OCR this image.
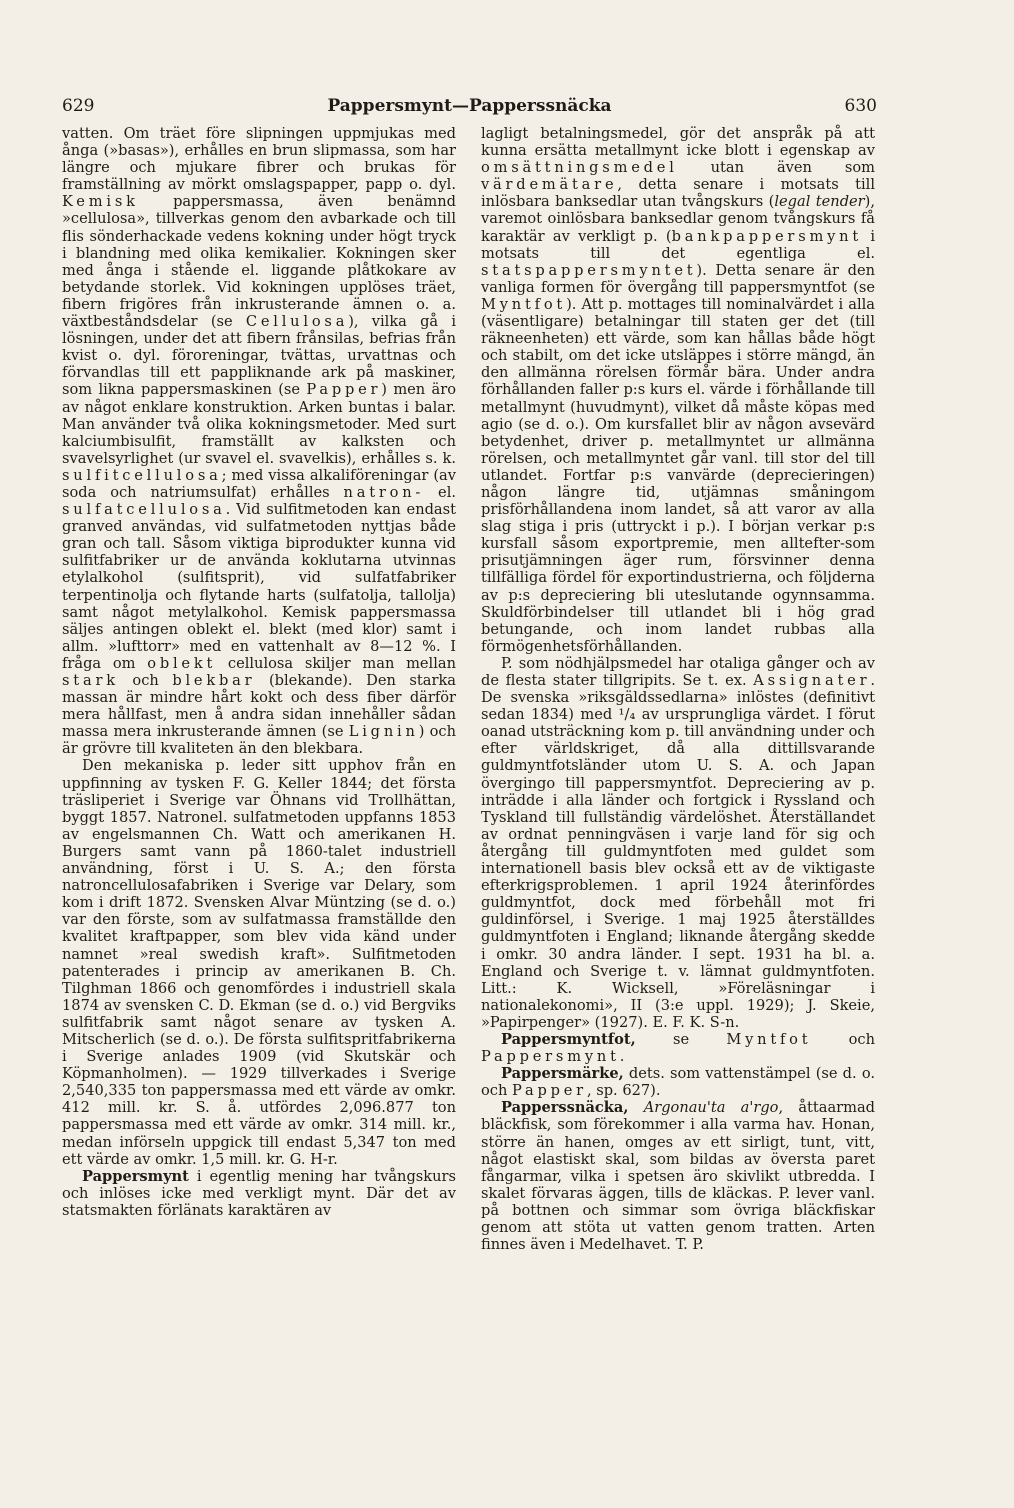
629	Pappersmynt—Papperssnäcka	630

vatten. Om träet före slipningen uppmjukas med ånga (»basas»), erhålles en brun slipmassa, som har längre och mjukare fibrer och brukas för framställning av mörkt omslagspapper, papp o. dyl. Kemisk pappersmassa, även benämnd »cellulosa», tillverkas genom den avbarkade och till flis sönderhackade vedens kokning under högt tryck i blandning med olika kemikalier. Kokningen sker med ånga i stående el. liggande plåtkokare av betydande storlek. Vid kokningen upplöses träet, fibern frigöres från inkrusterande ämnen o. a. växtbeståndsdelar (se Cellulosa), vilka gå i lösningen, under det att fibern frånsilas, befrias från kvist o. dyl. föroreningar, tvättas, urvattnas och förvandlas till ett pappliknande ark på maskiner, som likna pappersmaskinen (se Papper) men äro av något enklare konstruktion. Arken buntas i balar. Man använder två olika kokningsmetoder. Med surt kalciumbisulfit, framställt av kalksten och svavelsyrlighet (ur svavel el. svavelkis), erhålles s. k. sulfitcellulosa; med vissa alkaliföreningar (av soda och natriumsulfat) erhålles natron- el. sulfatcellulosa. Vid sulfitmetoden kan endast granved användas, vid sulfatmetoden nyttjas både gran och tall. Såsom viktiga biprodukter kunna vid sulfitfabriker ur de använda koklutarna utvinnas etylalkohol (sulfitsprit), vid sulfatfabriker terpentinolja och flytande harts (sulfatolja, tallolja) samt något metylalkohol. Kemisk pappersmassa säljes antingen oblekt el. blekt (med klor) samt i allm. »lufttorr» med en vattenhalt av 8—12 %. I fråga om oblekt cellulosa skiljer man mellan stark och blekbar (blekande). Den starka massan är mindre hårt kokt och dess fiber därför mera hållfast, men å andra sidan innehåller sådan massa mera inkrusterande ämnen (se Lignin) och är grövre till kvaliteten än den blekbara.

Den mekaniska p. leder sitt upphov från en uppfinning av tysken F. G. Keller 1844; det första träsliperiet i Sverige var Öhnans vid Trollhättan, byggt 1857. Natronel. sulfatmetoden uppfanns 1853 av engelsmannen Ch. Watt och amerikanen H. Burgers samt vann på 1860-talet industriell användning, först i U. S. A.; den första natroncellulosafabriken i Sverige var Delary, som kom i drift 1872. Svensken Alvar Müntzing (se d. o.) var den förste, som av sulfatmassa framställde den kvalitet kraftpapper, som blev vida känd under namnet »real swedish kraft». Sulfitmetoden patenterades i princip av amerikanen B. Ch. Tilghman 1866 och genomfördes i industriell skala 1874 av svensken C. D. Ekman (se d. o.) vid Bergviks sulfitfabrik samt något senare av tysken A. Mitscherlich (se d. o.). De första sulfitspritfabrikerna i Sverige anlades 1909 (vid Skutskär och Köpmanholmen). — 1929 tillverkades i Sverige 2,540,335 ton pappersmassa med ett värde av omkr. 412 mill. kr. S. å. utfördes 2,096.877 ton pappersmassa med ett värde av omkr. 314 mill. kr., medan införseln uppgick till endast 5,347 ton med ett värde av omkr. 1,5 mill. kr. G. H-r.

Pappersmynt i egentlig mening har tvångskurs och inlöses icke med verkligt mynt. Där det av statsmakten förlänats karaktären av

lagligt betalningsmedel, gör det anspråk på att kunna ersätta metallmynt icke blott i egenskap av omsättningsmedel utan även som värdemätare, detta senare i motsats till inlösbara banksedlar utan tvångskurs (legal tender), varemot oinlösbara banksedlar genom tvångskurs få karaktär av verkligt p. (bankpappersmynt i motsats till det egentliga el. statspappersmyntet). Detta senare är den vanliga formen för övergång till pappersmyntfot (se Myntfot). Att p. mottages till nominalvärdet i alla (väsentligare) betalningar till staten ger det (till räkneenheten) ett värde, som kan hållas både högt och stabilt, om det icke utsläppes i större mängd, än den allmänna rörelsen förmår bära. Under andra förhållanden faller p:s kurs el. värde i förhållande till metallmynt (huvudmynt), vilket då måste köpas med agio (se d. o.). Om kursfallet blir av någon avsevärd betydenhet, driver p. metallmyntet ur allmänna rörelsen, och metallmyntet går vanl. till stor del till utlandet. Fortfar p:s vanvärde (deprecieringen) någon längre tid, utjämnas småningom prisförhållandena inom landet, så att varor av alla slag stiga i pris (uttryckt i p.). I början verkar p:s kursfall såsom exportpremie, men alltefter-som prisutjämningen äger rum, försvinner denna tillfälliga fördel för exportindustrierna, och följderna av p:s depreciering bli uteslutande ogynnsamma. Skuldförbindelser till utlandet bli i hög grad betungande, och inom landet rubbas alla förmögenhetsförhållanden.

P. som nödhjälpsmedel har otaliga gånger och av de flesta stater tillgripits. Se t. ex. Assignater. De svenska »riksgäldssedlarna» inlöstes (definitivt sedan 1834) med ¹/₄ av ursprungliga värdet. I förut oanad utsträckning kom p. till användning under och efter världskriget, då alla dittillsvarande guldmyntfotsländer utom U. S. A. och Japan övergingo till pappersmyntfot. Depreciering av p. inträdde i alla länder och fortgick i Ryssland och Tyskland till fullständig värdelöshet. Återställandet av ordnat penningväsen i varje land för sig och återgång till guldmyntfoten med guldet som internationell basis blev också ett av de viktigaste efterkrigsproblemen. 1 april 1924 återinfördes guldmyntfot, dock med förbehåll mot fri guldinförsel, i Sverige. 1 maj 1925 återställdes guldmyntfoten i England; liknande återgång skedde i omkr. 30 andra länder. I sept. 1931 ha bl. a. England och Sverige t. v. lämnat guldmyntfoten. Litt.: K. Wicksell, »Föreläsningar i nationalekonomi», II (3:e uppl. 1929); J. Skeie, »Papirpenger» (1927). E. F. K. S-n.

Pappersmyntfot, se Myntfot och Pappersmynt.

Pappersmärke, dets. som vattenstämpel (se d. o. och Papper, sp. 627).

Papperssnäcka, Argonau'ta a'rgo, åttaarmad bläckfisk, som förekommer i alla varma hav. Honan, större än hanen, omges av ett sirligt, tunt, vitt, något elastiskt skal, som bildas av översta paret fångarmar, vilka i spetsen äro skivlikt utbredda. I skalet förvaras äggen, tills de kläckas. P. lever vanl. på bottnen och simmar som övriga bläckfiskar genom att stöta ut vatten genom tratten. Arten finnes även i Medelhavet. T. P.
